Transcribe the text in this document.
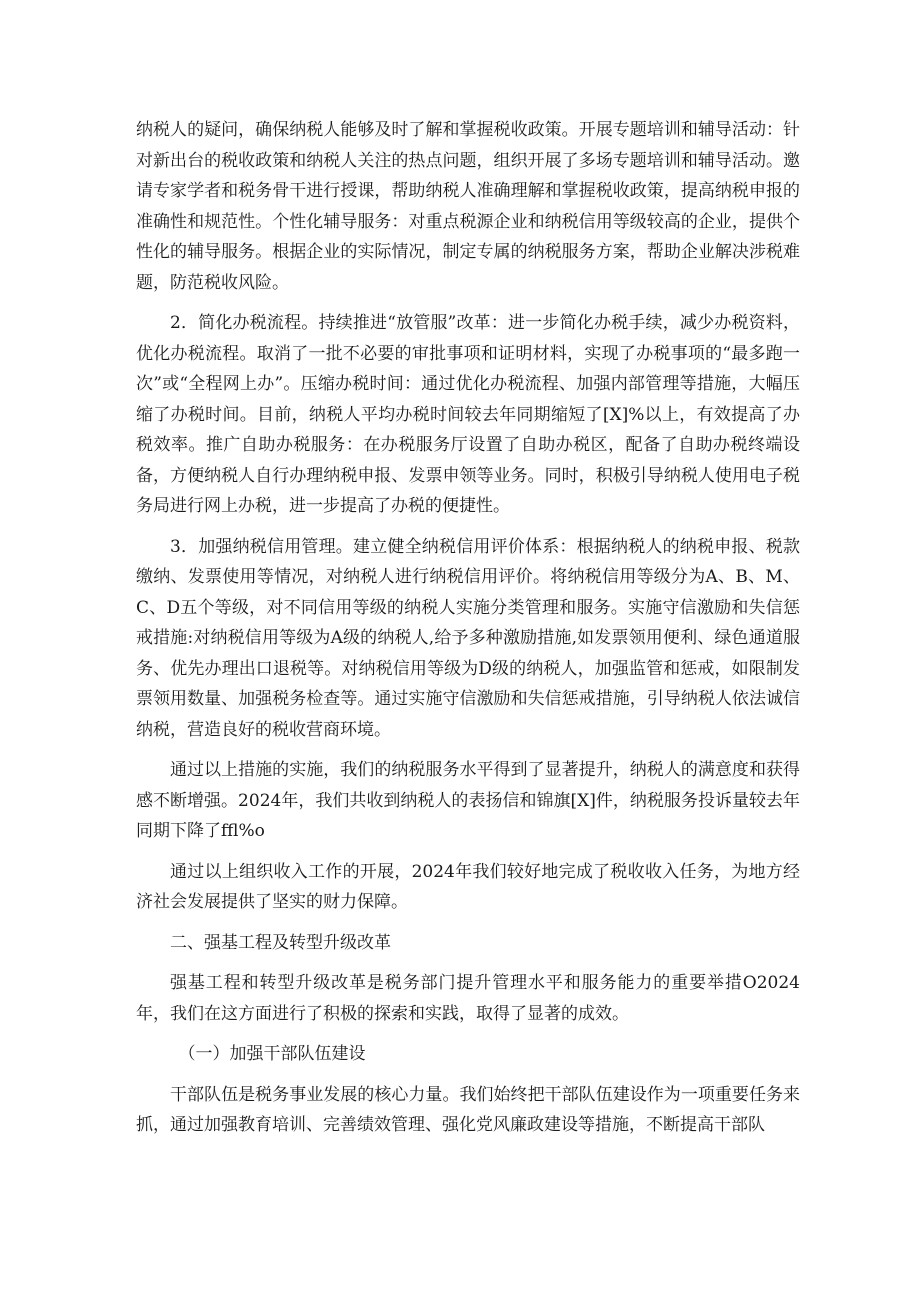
纳税人的疑问，确保纳税人能够及时了解和掌握税收政策。开展专题培训和辅导活动：针对新出台的税收政策和纳税人关注的热点问题，组织开展了多场专题培训和辅导活动。邀请专家学者和税务骨干进行授课，帮助纳税人准确理解和掌握税收政策，提高纳税申报的准确性和规范性。个性化辅导服务：对重点税源企业和纳税信用等级较高的企业，提供个性化的辅导服务。根据企业的实际情况，制定专属的纳税服务方案，帮助企业解决涉税难题，防范税收风险。

2．简化办税流程。持续推进“放管服”改革：进一步简化办税手续，减少办税资料，优化办税流程。取消了一批不必要的审批事项和证明材料，实现了办税事项的“最多跑一次”或“全程网上办”。压缩办税时间：通过优化办税流程、加强内部管理等措施，大幅压缩了办税时间。目前，纳税人平均办税时间较去年同期缩短了[X]%以上，有效提高了办税效率。推广自助办税服务：在办税服务厅设置了自助办税区，配备了自助办税终端设备，方便纳税人自行办理纳税申报、发票申领等业务。同时，积极引导纳税人使用电子税务局进行网上办税，进一步提高了办税的便捷性。

3．加强纳税信用管理。建立健全纳税信用评价体系：根据纳税人的纳税申报、税款缴纳、发票使用等情况，对纳税人进行纳税信用评价。将纳税信用等级分为A、B、M、C、D五个等级，对不同信用等级的纳税人实施分类管理和服务。实施守信激励和失信惩戒措施:对纳税信用等级为A级的纳税人,给予多种激励措施,如发票领用便利、绿色通道服务、优先办理出口退税等。对纳税信用等级为D级的纳税人，加强监管和惩戒，如限制发票领用数量、加强税务检查等。通过实施守信激励和失信惩戒措施，引导纳税人依法诚信纳税，营造良好的税收营商环境。

通过以上措施的实施，我们的纳税服务水平得到了显著提升，纳税人的满意度和获得感不断增强。2024年，我们共收到纳税人的表扬信和锦旗[X]件，纳税服务投诉量较去年同期下降了ffl%o

通过以上组织收入工作的开展，2024年我们较好地完成了税收收入任务，为地方经济社会发展提供了坚实的财力保障。

二、强基工程及转型升级改革

强基工程和转型升级改革是税务部门提升管理水平和服务能力的重要举措O2024年，我们在这方面进行了积极的探索和实践，取得了显著的成效。

（一）加强干部队伍建设

干部队伍是税务事业发展的核心力量。我们始终把干部队伍建设作为一项重要任务来抓，通过加强教育培训、完善绩效管理、强化党风廉政建设等措施，不断提高干部队
